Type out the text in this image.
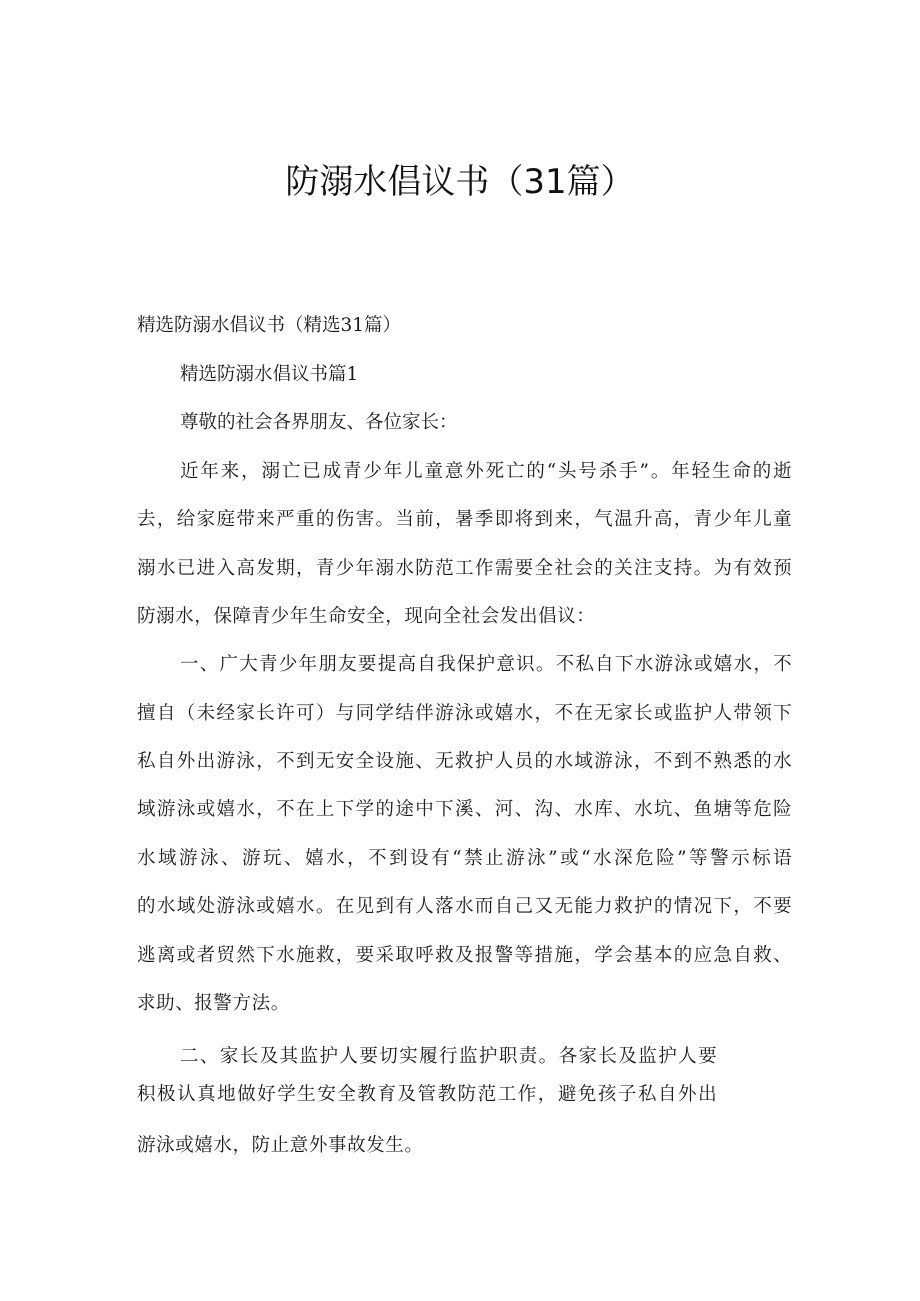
防溺水倡议书（31篇）
精选防溺水倡议书（精选31篇）
精选防溺水倡议书篇1
尊敬的社会各界朋友、各位家长：
近年来，溺亡已成青少年儿童意外死亡的“头号杀手”。年轻生命的逝
去，给家庭带来严重的伤害。当前，暑季即将到来，气温升高，青少年儿童
溺水已进入高发期，青少年溺水防范工作需要全社会的关注支持。为有效预
防溺水，保障青少年生命安全，现向全社会发出倡议：
一、广大青少年朋友要提高自我保护意识。不私自下水游泳或嬉水，不
擅自（未经家长许可）与同学结伴游泳或嬉水，不在无家长或监护人带领下
私自外出游泳，不到无安全设施、无救护人员的水域游泳，不到不熟悉的水
域游泳或嬉水，不在上下学的途中下溪、河、沟、水库、水坑、鱼塘等危险
水域游泳、游玩、嬉水，不到设有“禁止游泳”或“水深危险”等警示标语
的水域处游泳或嬉水。在见到有人落水而自己又无能力救护的情况下，不要
逃离或者贸然下水施救，要采取呼救及报警等措施，学会基本的应急自救、
求助、报警方法。
二、家长及其监护人要切实履行监护职责。各家长及监护人要
积极认真地做好学生安全教育及管教防范工作，避免孩子私自外出
游泳或嬉水，防止意外事故发生。
